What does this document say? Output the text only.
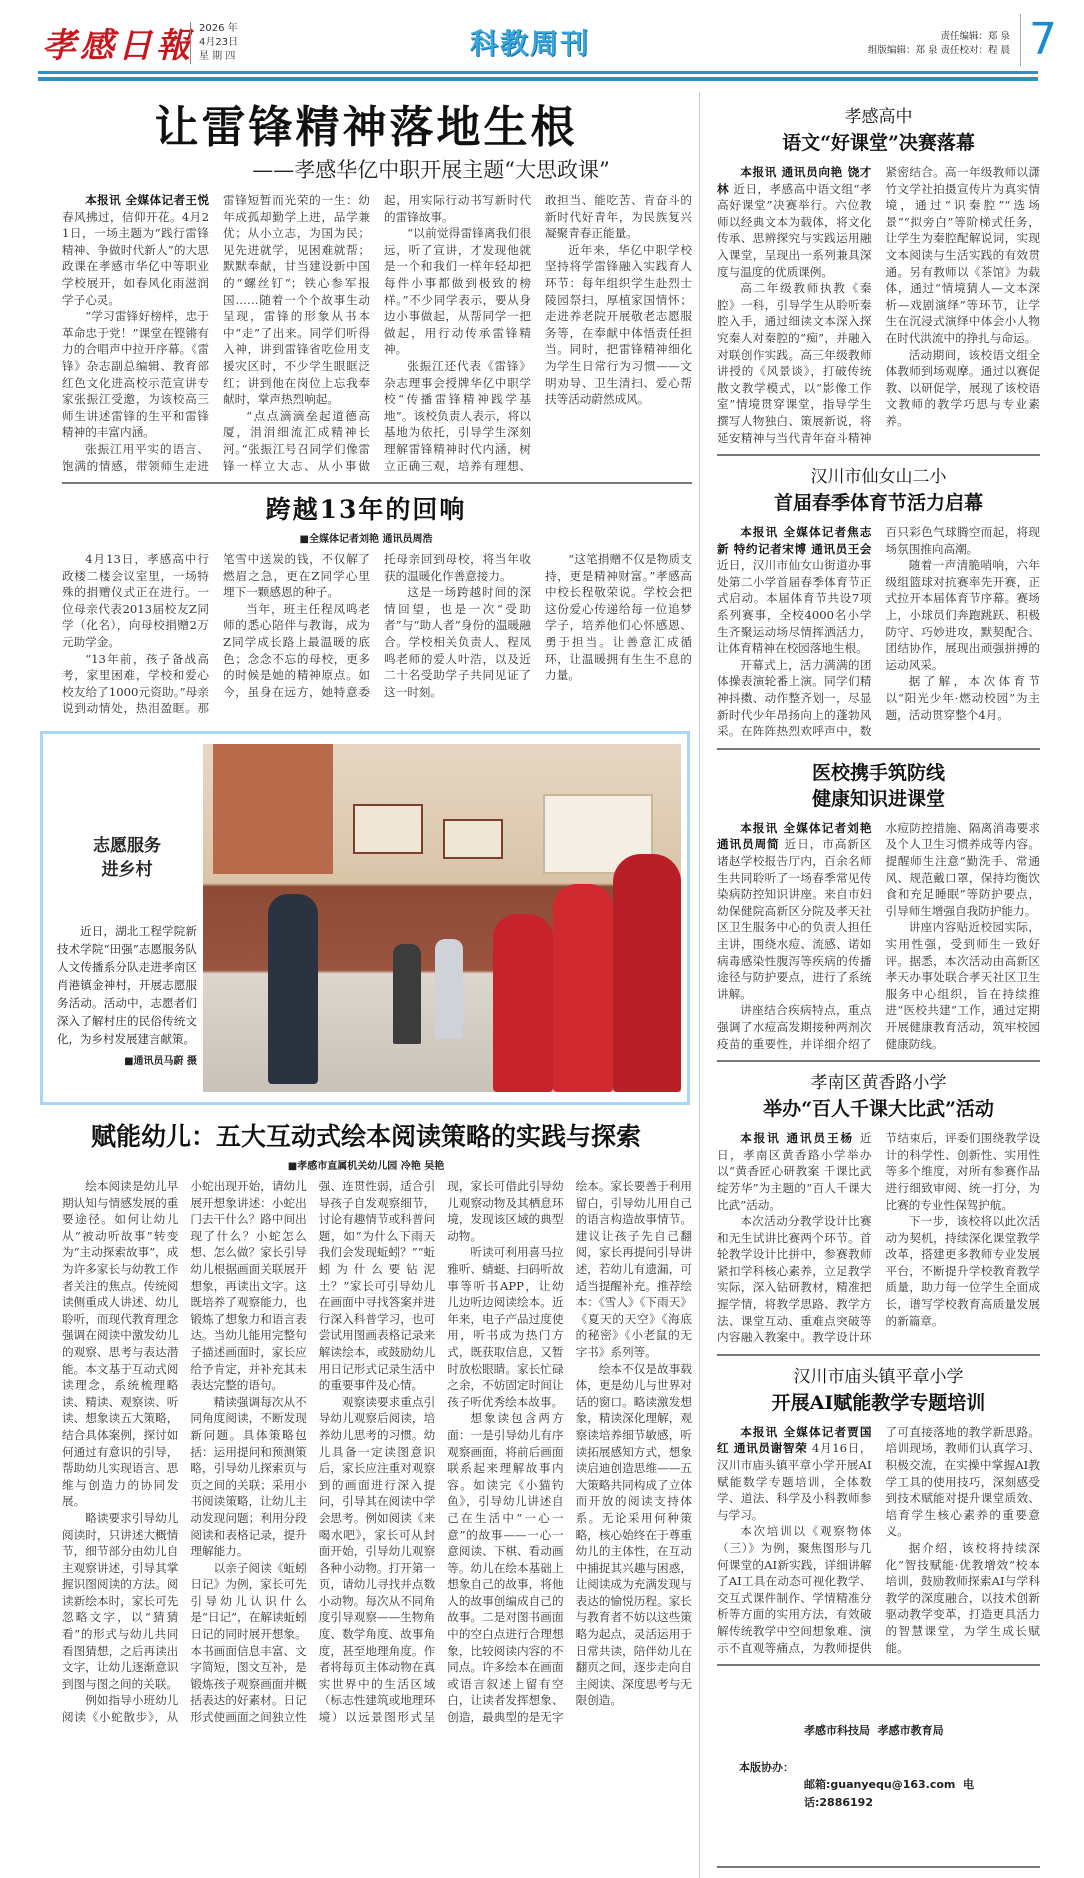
孝感日報 2026 年
4月23日
星 期 四	科教周刊	责任编辑：郑 泉
组版编辑：郑 泉 责任校对：程 晨 7
让雷锋精神落地生根
——孝感华亿中职开展主题“大思政课”

本报讯 全媒体记者王悦 春风拂过，信仰开花。4月21日，一场主题为“践行雷锋精神、争做时代新人”的大思政课在孝感市华亿中等职业学校展开，如春风化雨滋润学子心灵。

“学习雷锋好榜样，忠于革命忠于党！”课堂在铿锵有力的合唱声中拉开序幕。《雷锋》杂志副总编辑、教育部红色文化进高校示范宣讲专家张振江受邀，为该校高三师生讲述雷锋的生平和雷锋精神的丰富内涵。

张振江用平实的语言、饱满的情感，带领师生走进雷锋短暂而光荣的一生：幼年成孤却勤学上进，品学兼优；从小立志，为国为民；见先进就学，见困难就帮；默默奉献，甘当建设新中国的“螺丝钉”；铁心参军报国……随着一个个故事生动呈现，雷锋的形象从书本中“走”了出来。同学们听得入神，讲到雷锋省吃俭用支援灾区时，不少学生眼眶泛红；讲到他在岗位上忘我奉献时，掌声热烈响起。

“点点滴滴垒起道德高厦，涓涓细流汇成精神长河。”张振江号召同学们像雷锋一样立大志、从小事做起，用实际行动书写新时代的雷锋故事。

“以前觉得雷锋离我们很远，听了宣讲，才发现他就是一个和我们一样年轻却把每件小事都做到极致的榜样。”不少同学表示，要从身边小事做起，从帮同学一把做起，用行动传承雷锋精神。

张振江还代表《雷锋》杂志理事会授牌华亿中职学校“传播雷锋精神践学基地”。该校负责人表示，将以基地为依托，引导学生深刻理解雷锋精神时代内涵，树立正确三观，培养有理想、敢担当、能吃苦、肯奋斗的新时代好青年，为民族复兴凝聚青春正能量。

近年来，华亿中职学校坚持将学雷锋融入实践育人环节：每年组织学生赴烈士陵园祭扫，厚植家国情怀；走进养老院开展敬老志愿服务等，在奉献中体悟责任担当。同时，把雷锋精神细化为学生日常行为习惯——文明劝导、卫生清扫、爱心帮扶等活动蔚然成风。

跨越13年的回响
■全媒体记者刘艳 通讯员周浩

4月13日，孝感高中行政楼二楼会议室里，一场特殊的捐赠仪式正在进行。一位母亲代表2013届校友Z同学（化名），向母校捐赠2万元助学金。

“13年前，孩子备战高考，家里困难，学校和爱心校友给了1000元资助。”母亲说到动情处，热泪盈眶。那笔雪中送炭的钱，不仅解了燃眉之急，更在Z同学心里埋下一颗感恩的种子。

当年，班主任程凤鸣老师的悉心陪伴与教诲，成为Z同学成长路上最温暖的底色；念念不忘的母校，更多的时候是她的精神原点。如今，虽身在远方，她特意委托母亲回到母校，将当年收获的温暖化作善意接力。

这是一场跨越时间的深情回望，也是一次“受助者”与“助人者”身份的温暖融合。学校相关负责人、程凤鸣老师的爱人叶浩，以及近二十名受助学子共同见证了这一时刻。

“这笔捐赠不仅是物质支持，更是精神财富。”孝感高中校长程敬荣说。学校会把这份爱心传递给每一位追梦学子，培养他们心怀感恩、勇于担当。让善意汇成循环，让温暖拥有生生不息的力量。

志愿服务
进乡村
近日，湖北工程学院新技术学院“田强”志愿服务队人文传播系分队走进孝南区肖港镇金神村，开展志愿服务活动。活动中，志愿者们深入了解村庄的民俗传统文化，为乡村发展建言献策。
■通讯员马蔚 摄
赋能幼儿：五大互动式绘本阅读策略的实践与探索
■孝感市直属机关幼儿园 冷艳 吴艳

绘本阅读是幼儿早期认知与情感发展的重要途径。如何让幼儿从“被动听故事”转变为“主动探索故事”，成为许多家长与幼教工作者关注的焦点。传统阅读侧重成人讲述、幼儿聆听，而现代教育理念强调在阅读中激发幼儿的观察、思考与表达潜能。本文基于互动式阅读理念，系统梳理略读、精读、观察读、听读、想象读五大策略，结合具体案例，探讨如何通过有意识的引导，帮助幼儿实现语言、思维与创造力的协同发展。

略读要求引导幼儿阅读时，只讲述大概情节，细节部分由幼儿自主观察讲述，引导其掌握识图阅读的方法。阅读新绘本时，家长可先忽略文字，以“猜猜看”的形式与幼儿共同看图猜想，之后再读出文字，让幼儿逐渐意识到图与图之间的关联。

例如指导小班幼儿阅读《小蛇散步》，从小蛇出现开始，请幼儿展开想象讲述：小蛇出门去干什么？路中间出现了什么？小蛇怎么想、怎么做？家长引导幼儿根据画面关联展开想象，再读出文字。这既培养了观察能力，也锻炼了想象力和语言表达。当幼儿能用完整句子描述画面时，家长应给予肯定，并补充其未表达完整的语句。

精读强调每次从不同角度阅读，不断发现新问题。具体策略包括：运用提问和预测策略，引导幼儿探索页与页之间的关联；采用小书阅读策略，让幼儿主动发现问题；利用分段阅读和表格记录，提升理解能力。

以亲子阅读《蚯蚓日记》为例，家长可先引导幼儿认识什么是“日记”，在解读蚯蚓日记的同时展开想象。本书画面信息丰富、文字简短，图文互补，是锻炼孩子观察画面并概括表达的好素材。日记形式使画面之间独立性强、连贯性弱，适合引导孩子自发观察细节，讨论有趣情节或科普问题，如“为什么下雨天我们会发现蚯蚓？”“蚯蚓为什么要钻泥土？”家长可引导幼儿在画面中寻找答案并进行深入科普学习，也可尝试用图画表格记录来解读绘本，或鼓励幼儿用日记形式记录生活中的重要事件及心情。

观察读要求重点引导幼儿观察后阅读，培养幼儿思考的习惯。幼儿具备一定读图意识后，家长应注重对观察到的画面进行深入提问，引导其在阅读中学会思考。例如阅读《来喝水吧》，家长可从封面开始，引导幼儿观察各种小动物。打开第一页，请幼儿寻找并点数小动物。每次从不同角度引导观察——生物角度、数学角度、故事角度，甚至地理角度。作者将每页主体动物在真实世界中的生活区域（标志性建筑或地理环境）以远景图形式呈现，家长可借此引导幼儿观察动物及其栖息环境，发现该区域的典型动物。

听读可利用喜马拉雅听、蜻蜓、扫码听故事等听书APP，让幼儿边听边阅读绘本。近年来，电子产品过度使用，听书成为热门方式，既获取信息，又暂时放松眼睛。家长忙碌之余，不妨固定时间让孩子听优秀绘本故事。

想象读包含两方面：一是引导幼儿有序观察画面，将前后画面联系起来理解故事内容。如读完《小猫钓鱼》，引导幼儿讲述自己在生活中“一心一意”的故事——一心一意阅读、下棋、看动画等。幼儿在绘本基础上想象自己的故事，将他人的故事创编成自己的故事。二是对图书画面中的空白点进行合理想象，比较阅读内容的不同点。许多绘本在画面或语言叙述上留有空白，让读者发挥想象、创造，最典型的是无字绘本。家长要善于利用留白，引导幼儿用自己的语言构造故事情节。建议让孩子先自己翻阅，家长再提问引导讲述，若幼儿有遗漏，可适当提醒补充。推荐绘本：《雪人》《下雨天》《夏天的天空》《海底的秘密》《小老鼠的无字书》系列等。

绘本不仅是故事载体，更是幼儿与世界对话的窗口。略读激发想象，精读深化理解，观察读培养细节敏感，听读拓展感知方式，想象读启迪创造思维——五大策略共同构成了立体而开放的阅读支持体系。无论采用何种策略，核心始终在于尊重幼儿的主体性，在互动中捕捉其兴趣与困惑，让阅读成为充满发现与表达的愉悦历程。家长与教育者不妨以这些策略为起点，灵活运用于日常共读，陪伴幼儿在翻页之间，逐步走向自主阅读、深度思考与无限创造。

孝感高中
语文“好课堂”决赛落幕

本报讯 通讯员向艳 饶才林 近日，孝感高中语文组“孝高好课堂”决赛举行。六位教师以经典文本为载体，将文化传承、思辨探究与实践运用融入课堂，呈现出一系列兼具深度与温度的优质课例。

高二年级教师执教《秦腔》一科，引导学生从聆听秦腔入手，通过细读文本深入探究秦人对秦腔的“痴”，并融入对联创作实践。高三年级教师讲授的《风景谈》，打破传统散文教学模式，以“影像工作室”情境贯穿课堂，指导学生撰写人物独白、策展新说，将延安精神与当代青年奋斗精神紧密结合。高一年级教师以潇竹文学社拍摄宣传片为真实情境，通过“识秦腔”“选场景”“拟旁白”等阶梯式任务，让学生为秦腔配解说词，实现文本阅读与生活实践的有效贯通。另有教师以《茶馆》为载体，通过“情境猜人—文本深析—戏剧演绎”等环节，让学生在沉浸式演绎中体会小人物在时代洪流中的挣扎与命运。

活动期间，该校语文组全体教师到场观摩。通过以赛促教、以研促学，展现了该校语文教师的教学巧思与专业素养。

汉川市仙女山二小
首届春季体育节活力启幕

本报讯 全媒体记者焦志新 特约记者宋博 通讯员王会 近日，汉川市仙女山街道办事处第二小学首届春季体育节正式启动。本届体育节共设7项系列赛事，全校4000名小学生齐聚运动场尽情挥洒活力，让体育精神在校园落地生根。

开幕式上，活力满满的团体操表演轮番上演。同学们精神抖擞、动作整齐划一，尽显新时代少年昂扬向上的蓬勃风采。在阵阵热烈欢呼声中，数百只彩色气球腾空而起，将现场氛围推向高潮。

随着一声清脆哨响，六年级组篮球对抗赛率先开赛，正式拉开本届体育节序幕。赛场上，小球员们奔跑跳跃、积极防守、巧妙进攻，默契配合、团结协作，展现出顽强拼搏的运动风采。

据了解，本次体育节以“阳光少年·燃动校园”为主题，活动贯穿整个4月。

医校携手筑防线
健康知识进课堂

本报讯 全媒体记者刘艳 通讯员周简 近日，市高新区诸赵学校报告厅内，百余名师生共同聆听了一场春季常见传染病防控知识讲座。来自市妇幼保健院高新区分院及孝天社区卫生服务中心的负责人担任主讲，围绕水痘、流感、诺如病毒感染性腹泻等疾病的传播途径与防护要点，进行了系统讲解。

讲座结合疾病特点，重点强调了水痘高发期接种两剂次疫苗的重要性，并详细介绍了水痘防控措施、隔离消毒要求及个人卫生习惯养成等内容。提醒师生注意“勤洗手、常通风、规范戴口罩，保持均衡饮食和充足睡眠”等防护要点，引导师生增强自我防护能力。

讲座内容贴近校园实际，实用性强，受到师生一致好评。据悉，本次活动由高新区孝天办事处联合孝天社区卫生服务中心组织，旨在持续推进“医校共建”工作，通过定期开展健康教育活动，筑牢校园健康防线。

孝南区黄香路小学
举办“百人千课大比武”活动

本报讯 通讯员王杨 近日，孝南区黄香路小学举办以“黄香匠心研教案 千课比武绽芳华”为主题的“百人千课大比武”活动。

本次活动分教学设计比赛和无生试讲比赛两个环节。首轮教学设计比拼中，参赛教师紧扣学科核心素养，立足教学实际，深入钻研教材，精准把握学情，将教学思路、教学方法、课堂互动、重难点突破等内容融入教案中。教学设计环节结束后，评委们围绕教学设计的科学性、创新性、实用性等多个维度，对所有参赛作品进行细致审阅、统一打分，为比赛的专业性保驾护航。

下一步，该校将以此次活动为契机，持续深化课堂教学改革，搭建更多教师专业发展平台，不断提升学校教育教学质量，助力每一位学生全面成长，谱写学校教育高质量发展的新篇章。

汉川市庙头镇平章小学
开展AI赋能教学专题培训

本报讯 全媒体记者贾国红 通讯员谢智荣 4月16日，汉川市庙头镇平章小学开展AI赋能数学专题培训，全体数学、道法、科学及小科教师参与学习。

本次培训以《观察物体（三）》为例，聚焦图形与几何课堂的AI新实践，详细讲解了AI工具在动态可视化教学、交互式课件制作、学情精准分析等方面的实用方法，有效破解传统教学中空间想象难、演示不直观等痛点，为教师提供了可直接落地的教学新思路。培训现场，教师们认真学习、积极交流，在实操中掌握AI教学工具的使用技巧，深刻感受到技术赋能对提升课堂质效、培育学生核心素养的重要意义。

据介绍，该校将持续深化“智技赋能·优教增效”校本培训，鼓励教师探索AI与学科教学的深度融合，以技术创新驱动教学变革，打造更具活力的智慧课堂，为学生成长赋能。

本版协办：

孝感市科技局  孝感市教育局

邮箱:guanyequ@163.com  电话:2886192
